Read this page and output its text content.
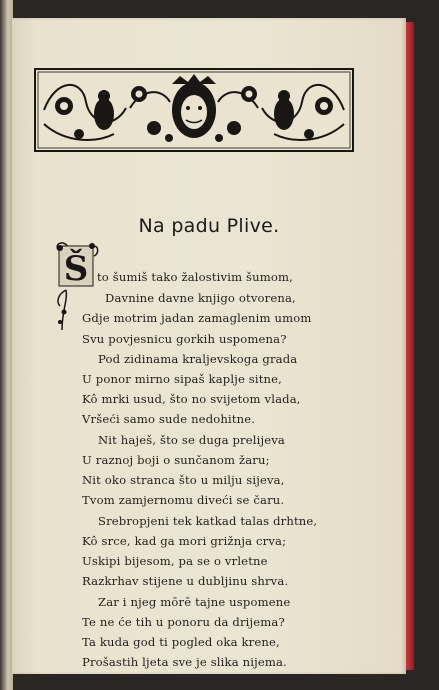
Na padu Plive.
Š to šumiš tako žalostivim šumom,
Davnine davne knjigo otvorena,
Gdje motrim jadan zamaglenim umom
Svu povjesnicu gorkih uspomena?
Pod zidinama kraljevskoga grada
U ponor mirno sipaš kaplje sitne,
Kô mrki usud, što no svijetom vlada,
Vršeći samo sude nedohitne.
Nit haješ, što se duga prelijeva
U raznoj boji o sunčanom žaru;
Nit oko stranca što u milju sijeva,
Tvom zamjernomu diveći se čaru.
Srebropjeni tek katkad talas drhtne,
Kô srce, kad ga mori grižnja crva;
Uskipi bijesom, pa se o vrletne
Razkrhav stijene u dubljinu shrva.
Zar i njeg mōrē tajne uspomene
Te ne će tih u ponoru da drijema?
Ta kuda god ti pogled oka krene,
Prošastih ljeta sve je slika nijema.
